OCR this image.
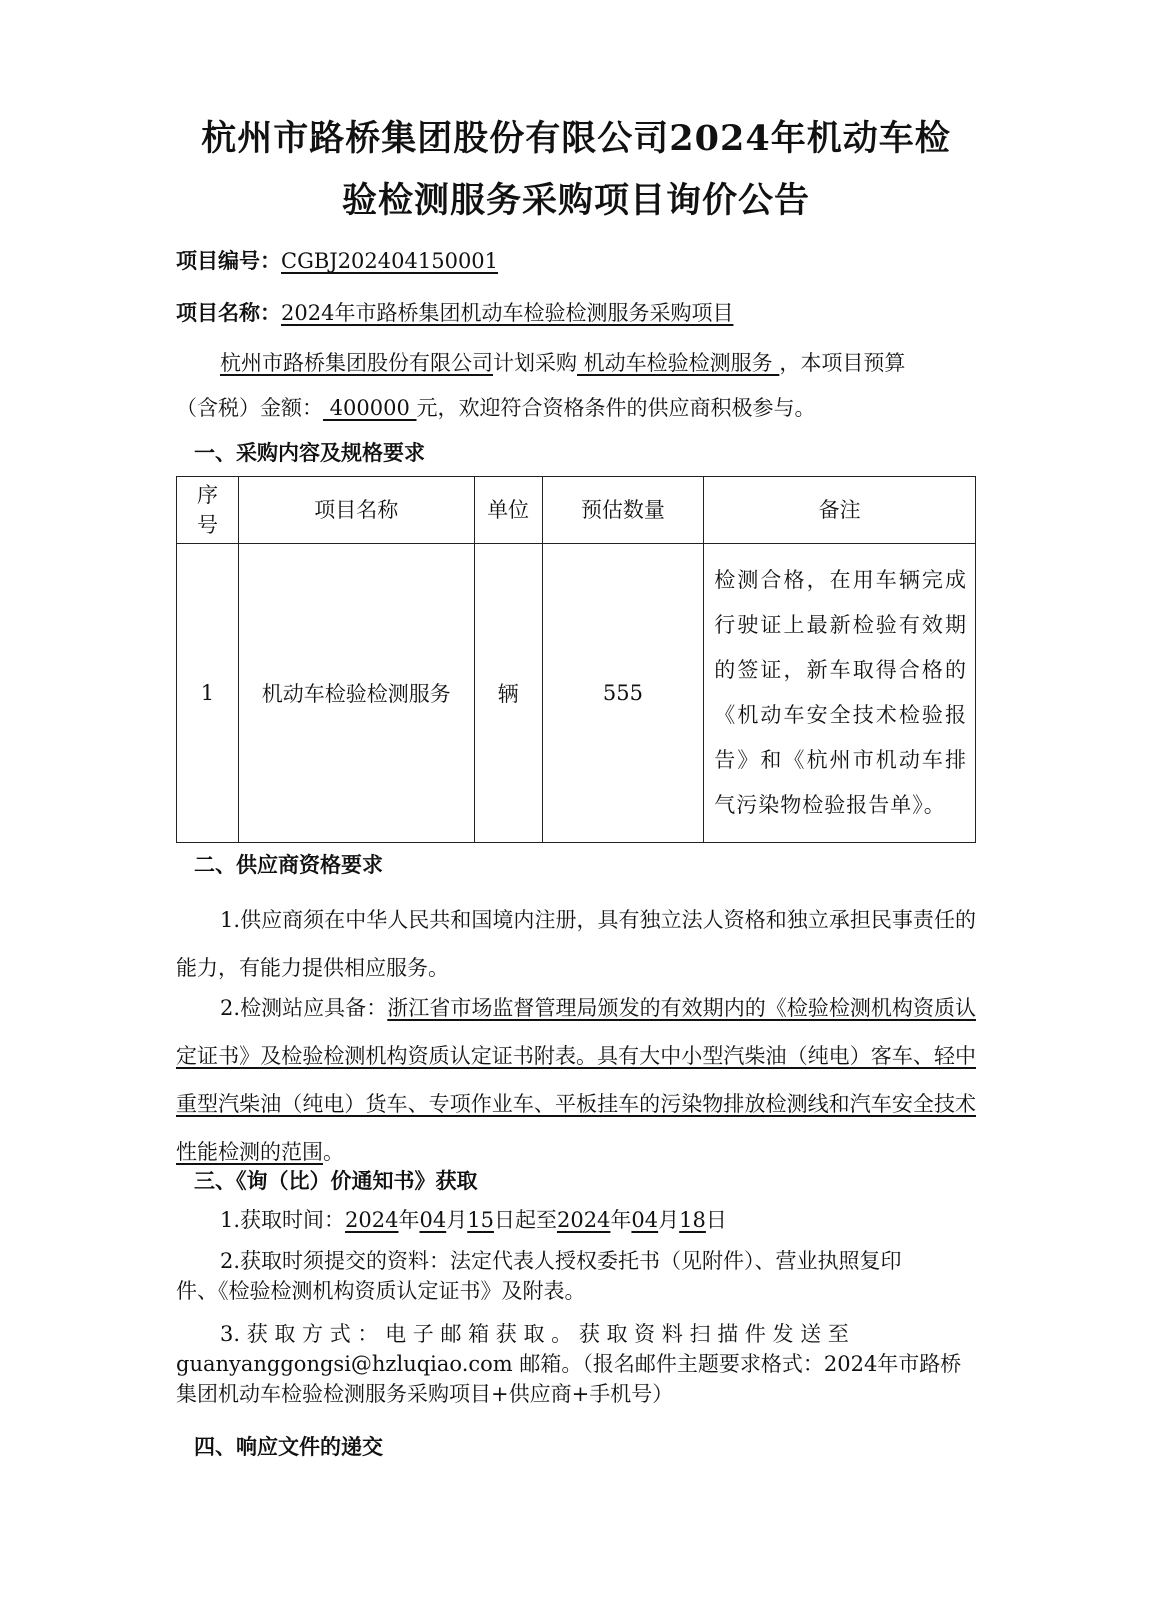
杭州市路桥集团股份有限公司2024年机动车检
验检测服务采购项目询价公告
项目编号：CGBJ202404150001
项目名称：2024年市路桥集团机动车检验检测服务采购项目
杭州市路桥集团股份有限公司计划采购 机动车检验检测服务 ，本项目预算
（含税）金额： 400000 元，欢迎符合资格条件的供应商积极参与。
一、采购内容及规格要求
序号	项目名称	单位	预估数量	备注
1	机动车检验检测服务	辆	555	检测合格，在用车辆完成行驶证上最新检验有效期的签证，新车取得合格的《机动车安全技术检验报告》和《杭州市机动车排气污染物检验报告单》。
二、供应商资格要求
1.供应商须在中华人民共和国境内注册，具有独立法人资格和独立承担民事责任的能力，有能力提供相应服务。
2.检测站应具备：浙江省市场监督管理局颁发的有效期内的《检验检测机构资质认定证书》及检验检测机构资质认定证书附表。具有大中小型汽柴油（纯电）客车、轻中重型汽柴油（纯电）货车、专项作业车、平板挂车的污染物排放检测线和汽车安全技术性能检测的范围。
三、《询（比）价通知书》获取
1.获取时间：2024年04月15日起至2024年04月18日
2.获取时须提交的资料：法定代表人授权委托书（见附件）、营业执照复印
件、《检验检测机构资质认定证书》及附表。
3. 获 取 方 式 ： 电 子 邮 箱 获 取 。 获 取 资 料 扫 描 件 发 送 至
guanyanggongsi@hzluqiao.com 邮箱。（报名邮件主题要求格式：2024年市路桥
集团机动车检验检测服务采购项目+供应商+手机号）
四、响应文件的递交
